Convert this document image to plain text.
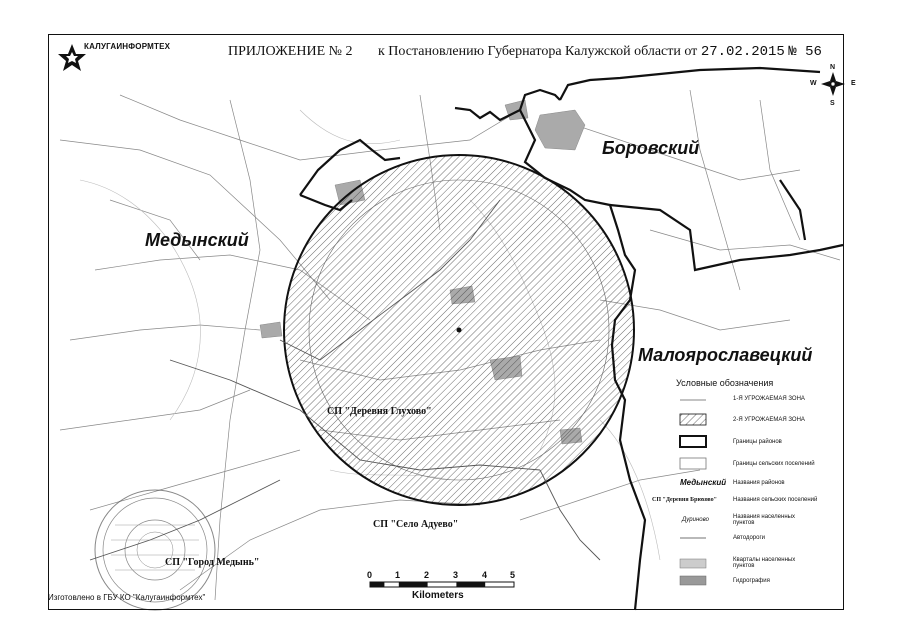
КАЛУГАИНФОРМТЕХ	ПРИЛОЖЕНИЕ № 2 к Постановлению Губернатора Калужской области от 27.02.2015 № 56
N
S
W	E
Медынский
Боровский
Малоярославецкий
СП "Деревня Глухово"
СП "Село Адуево"
СП "Город Медынь"
Условные обозначения
1-Я УГРОЖАЕМАЯ ЗОНА
2-Я УГРОЖАЕМАЯ ЗОНА
Границы районов
Границы сельских поселений
Медынский Названия районов
СП "Деревня Брюхово"	Названия сельских поселений
Дуриново	Названия населенных пунктов
Автодороги
Кварталы населенных пунктов
Гидрография
0	1	2	3	4	5
Kilometers
Изготовлено в ГБУ КО "Калугаинформтех"
